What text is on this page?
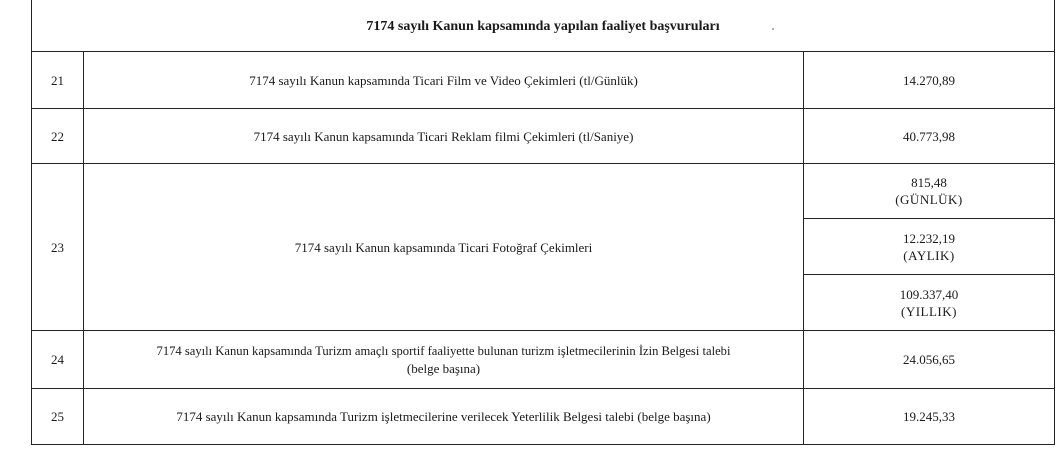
7174 sayılı Kanun kapsamında yapılan faaliyet başvuruları		
21	7174 sayılı Kanun kapsamında Ticari Film ve Video Çekimleri (tl/Günlük)	14.270,89
22	7174 sayılı Kanun kapsamında Ticari Reklam filmi Çekimleri (tl/Saniye)	40.773,98
23	7174 sayılı Kanun kapsamında Ticari Fotoğraf Çekimleri	815,48
(GÜNLÜK)

		12.232,19
(AYLIK)

		109.337,40
(YILLIK)

24	7174 sayılı Kanun kapsamında Turizm amaçlı sportif faaliyette bulunan turizm işletmecilerinin İzin Belgesi talebi
(belge başına)	24.056,65
25	7174 sayılı Kanun kapsamında Turizm işletmecilerine verilecek Yeterlilik Belgesi talebi (belge başına)	19.245,33
